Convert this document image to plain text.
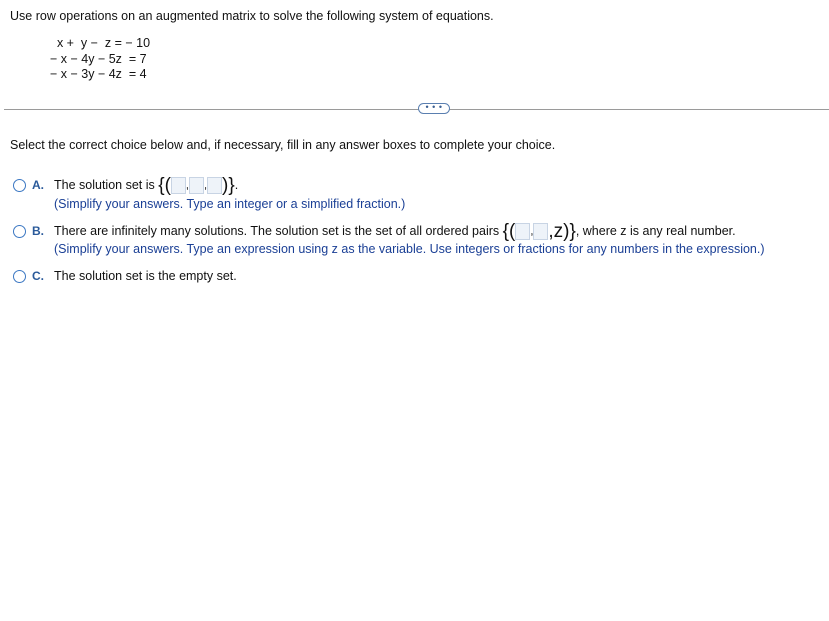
Use row operations on an augmented matrix to solve the following system of equations.
x +  y −  z = − 10
− x − 4y − 5z  = 7
− x − 3y − 4z  = 4
• • •
Select the correct choice below and, if necessary, fill in any answer boxes to complete your choice.
A. The solution set is {( , , )}.
(Simplify your answers. Type an integer or a simplified fraction.)
B. There are infinitely many solutions. The solution set is the set of all ordered pairs {( , ,z)}, where z is any real number.
(Simplify your answers. Type an expression using z as the variable. Use integers or fractions for any numbers in the expression.)
C. The solution set is the empty set.
